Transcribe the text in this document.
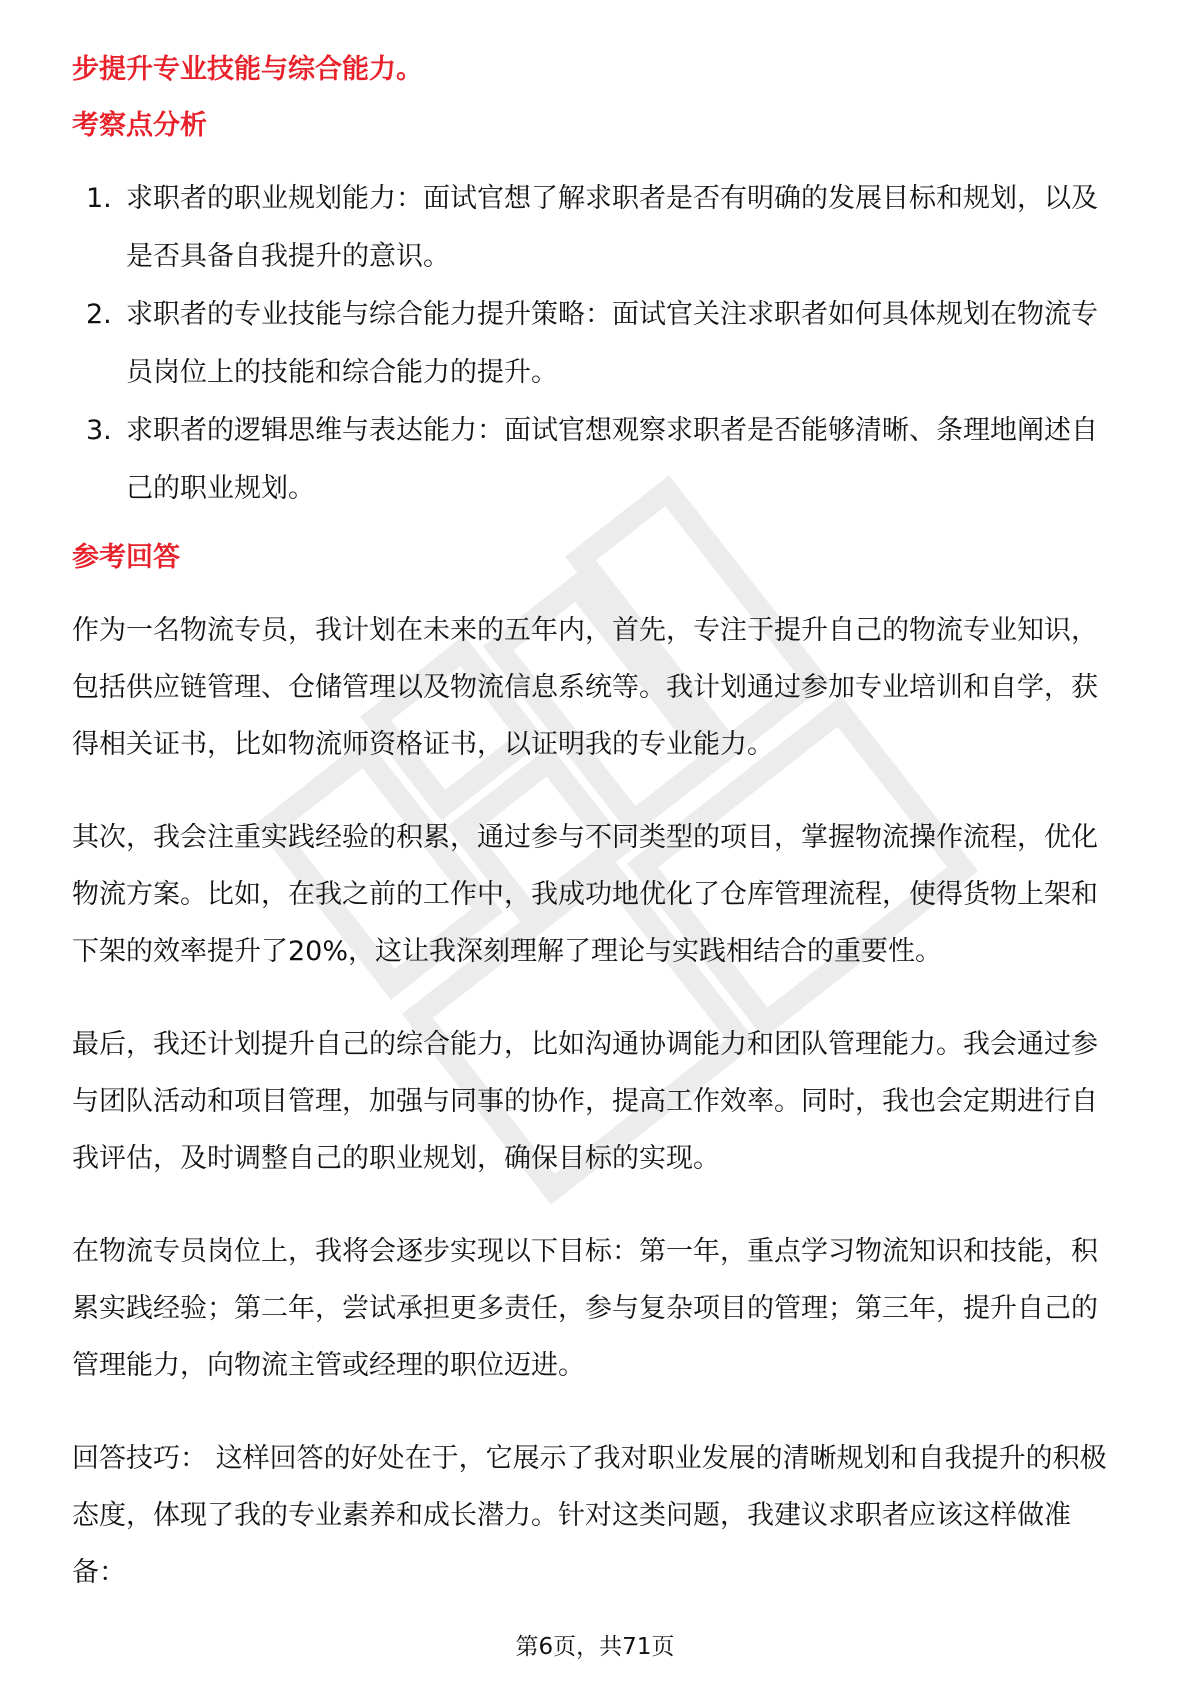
步提升专业技能与综合能力。
考察点分析
1. 求职者的职业规划能力：面试官想了解求职者是否有明确的发展目标和规划，以及是否具备自我提升的意识。
2. 求职者的专业技能与综合能力提升策略：面试官关注求职者如何具体规划在物流专员岗位上的技能和综合能力的提升。
3. 求职者的逻辑思维与表达能力：面试官想观察求职者是否能够清晰、条理地阐述自己的职业规划。
参考回答

作为一名物流专员，我计划在未来的五年内，首先，专注于提升自己的物流专业知识，包括供应链管理、仓储管理以及物流信息系统等。我计划通过参加专业培训和自学，获得相关证书，比如物流师资格证书，以证明我的专业能力。

其次，我会注重实践经验的积累，通过参与不同类型的项目，掌握物流操作流程，优化物流方案。比如，在我之前的工作中，我成功地优化了仓库管理流程，使得货物上架和下架的效率提升了20%，这让我深刻理解了理论与实践相结合的重要性。

最后，我还计划提升自己的综合能力，比如沟通协调能力和团队管理能力。我会通过参与团队活动和项目管理，加强与同事的协作，提高工作效率。同时，我也会定期进行自我评估，及时调整自己的职业规划，确保目标的实现。

在物流专员岗位上，我将会逐步实现以下目标：第一年，重点学习物流知识和技能，积累实践经验；第二年，尝试承担更多责任，参与复杂项目的管理；第三年，提升自己的管理能力，向物流主管或经理的职位迈进。

回答技巧： 这样回答的好处在于，它展示了我对职业发展的清晰规划和自我提升的积极态度，体现了我的专业素养和成长潜力。针对这类问题，我建议求职者应该这样做准备：

第6页，共71页
